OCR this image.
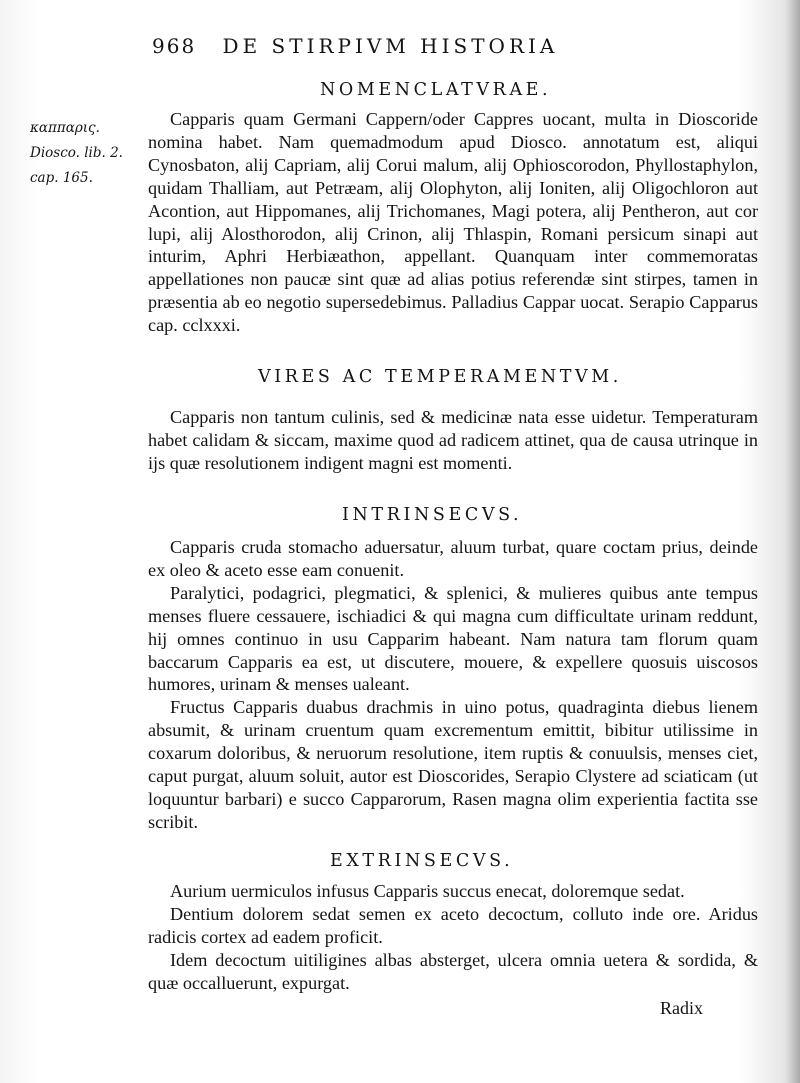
968 DE STIRPIVM HISTORIA
καππαρις.
Diosco. lib. 2.
cap. 165.
NOMENCLATVRAE.

Capparis quam Germani Cappern/oder Cappres uocant, multa in Dioscoride nomina habet. Nam quemadmodum apud Diosco. annotatum est, aliqui Cynosbaton, alij Capriam, alij Corui malum, alij Ophioscorodon, Phyllostaphylon, quidam Thalliam, aut Petræam, alij Olophyton, alij Ioniten, alij Oligochloron aut Acontion, aut Hippomanes, alij Trichomanes, Magi potera, alij Pentheron, aut cor lupi, alij Alosthorodon, alij Crinon, alij Thlaspin, Romani persicum sinapi aut inturim, Aphri Herbiæathon, appellant. Quanquam inter commemoratas appellationes non paucæ sint quæ ad alias potius referendæ sint stirpes, tamen in præsentia ab eo negotio supersedebimus. Palladius Cappar uocat. Serapio Capparus cap. cclxxxi.

VIRES AC TEMPERAMENTVM.

Capparis non tantum culinis, sed & medicinæ nata esse uidetur. Temperaturam habet calidam & siccam, maxime quod ad radicem attinet, qua de causa utrinque in ijs quæ resolutionem indigent magni est momenti.

INTRINSECVS.

Capparis cruda stomacho aduersatur, aluum turbat, quare coctam prius, deinde ex oleo & aceto esse eam conuenit.

Paralytici, podagrici, plegmatici, & splenici, & mulieres quibus ante tempus menses fluere cessauere, ischiadici & qui magna cum difficultate urinam reddunt, hij omnes continuo in usu Capparim habeant. Nam natura tam florum quam baccarum Capparis ea est, ut discutere, mouere, & expellere quosuis uiscosos humores, urinam & menses ualeant.

Fructus Capparis duabus drachmis in uino potus, quadraginta diebus lienem absumit, & urinam cruentum quam excrementum emittit, bibitur utilissime in coxarum doloribus, & neruorum resolutione, item ruptis & conuulsis, menses ciet, caput purgat, aluum soluit, autor est Dioscorides, Serapio Clystere ad sciaticam (ut loquuntur barbari) e succo Capparorum, Rasen magna olim experientia factita sse scribit.

EXTRINSECVS.

Aurium uermiculos infusus Capparis succus enecat, doloremque sedat.

Dentium dolorem sedat semen ex aceto decoctum, colluto inde ore. Aridus radicis cortex ad eadem proficit.

Idem decoctum uitiligines albas absterget, ulcera omnia uetera & sordida, & quæ occalluerunt, expurgat.

Radix
